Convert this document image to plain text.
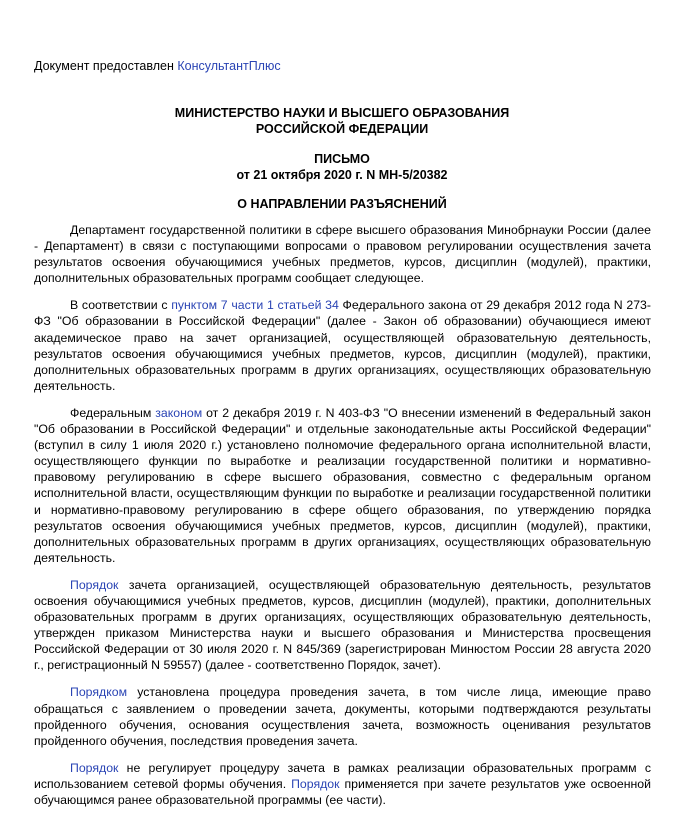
Документ предоставлен КонсультантПлюс
МИНИСТЕРСТВО НАУКИ И ВЫСШЕГО ОБРАЗОВАНИЯ
РОССИЙСКОЙ ФЕДЕРАЦИИ
ПИСЬМО
от 21 октября 2020 г. N МН-5/20382
О НАПРАВЛЕНИИ РАЗЪЯСНЕНИЙ

Департамент государственной политики в сфере высшего образования Минобрнауки России (далее - Департамент) в связи с поступающими вопросами о правовом регулировании осуществления зачета результатов освоения обучающимися учебных предметов, курсов, дисциплин (модулей), практики, дополнительных образовательных программ сообщает следующее.

В соответствии с пунктом 7 части 1 статьей 34 Федерального закона от 29 декабря 2012 года N 273-ФЗ "Об образовании в Российской Федерации" (далее - Закон об образовании) обучающиеся имеют академическое право на зачет организацией, осуществляющей образовательную деятельность, результатов освоения обучающимися учебных предметов, курсов, дисциплин (модулей), практики, дополнительных образовательных программ в других организациях, осуществляющих образовательную деятельность.

Федеральным законом от 2 декабря 2019 г. N 403-ФЗ "О внесении изменений в Федеральный закон "Об образовании в Российской Федерации" и отдельные законодательные акты Российской Федерации" (вступил в силу 1 июля 2020 г.) установлено полномочие федерального органа исполнительной власти, осуществляющего функции по выработке и реализации государственной политики и нормативно-правовому регулированию в сфере высшего образования, совместно с федеральным органом исполнительной власти, осуществляющим функции по выработке и реализации государственной политики и нормативно-правовому регулированию в сфере общего образования, по утверждению порядка результатов освоения обучающимися учебных предметов, курсов, дисциплин (модулей), практики, дополнительных образовательных программ в других организациях, осуществляющих образовательную деятельность.

Порядок зачета организацией, осуществляющей образовательную деятельность, результатов освоения обучающимися учебных предметов, курсов, дисциплин (модулей), практики, дополнительных образовательных программ в других организациях, осуществляющих образовательную деятельность, утвержден приказом Министерства науки и высшего образования и Министерства просвещения Российской Федерации от 30 июля 2020 г. N 845/369 (зарегистрирован Минюстом России 28 августа 2020 г., регистрационный N 59557) (далее - соответственно Порядок, зачет).

Порядком установлена процедура проведения зачета, в том числе лица, имеющие право обращаться с заявлением о проведении зачета, документы, которыми подтверждаются результаты пройденного обучения, основания осуществления зачета, возможность оценивания результатов пройденного обучения, последствия проведения зачета.

Порядок не регулирует процедуру зачета в рамках реализации образовательных программ с использованием сетевой формы обучения. Порядок применяется при зачете результатов уже освоенной обучающимся ранее образовательной программы (ее части).
